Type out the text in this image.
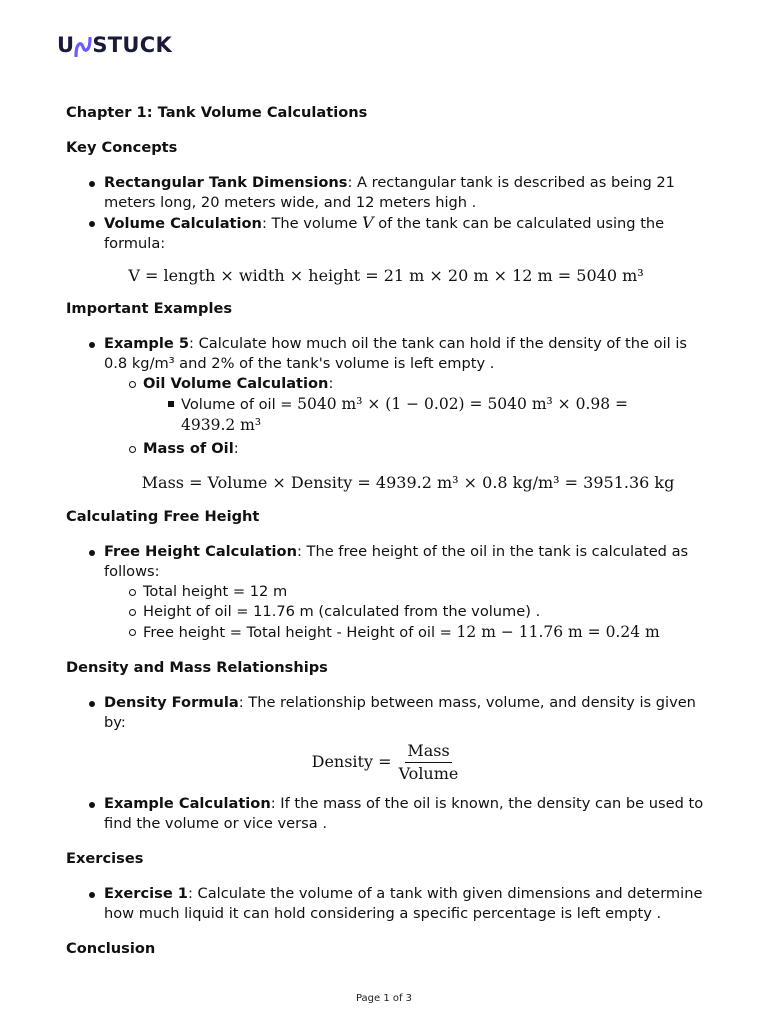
U STUCK
Chapter 1: Tank Volume Calculations
Key Concepts
Rectangular Tank Dimensions: A rectangular tank is described as being 21 meters long, 20 meters wide, and 12 meters high .
Volume Calculation: The volume V of the tank can be calculated using the formula:
V = length × width × height = 21 m × 20 m × 12 m = 5040 m³
Important Examples
Example 5: Calculate how much oil the tank can hold if the density of the oil is 0.8 kg/m³ and 2% of the tank's volume is left empty .
Oil Volume Calculation:
Volume of oil = 5040 m³ × (1 − 0.02) = 5040 m³ × 0.98 =
4939.2 m³
Mass of Oil:
Mass = Volume × Density = 4939.2 m³ × 0.8 kg/m³ = 3951.36 kg
Calculating Free Height
Free Height Calculation: The free height of the oil in the tank is calculated as follows:
Total height = 12 m
Height of oil = 11.76 m (calculated from the volume) .
Free height = Total height - Height of oil = 12 m − 11.76 m = 0.24 m
Density and Mass Relationships
Density Formula: The relationship between mass, volume, and density is given by:
Density = $\frac{\text{Mass}}{\text{Volume}}$
Example Calculation: If the mass of the oil is known, the density can be used to find the volume or vice versa .
Exercises
Exercise 1: Calculate the volume of a tank with given dimensions and determine how much liquid it can hold considering a specific percentage is left empty .
Conclusion
Page 1 of 3
